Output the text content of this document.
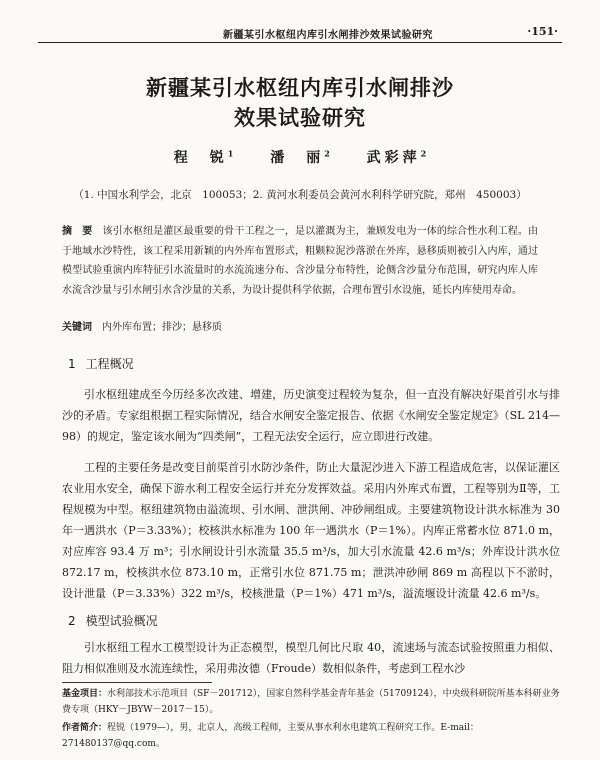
新疆某引水枢纽内库引水闸排沙效果试验研究	·151·
新疆某引水枢纽内库引水闸排沙
效果试验研究
程　锐$^1$	潘　丽$^2$	武彩萍$^2$
（1. 中国水利学会，北京　100053；2. 黄河水利委员会黄河水利科学研究院，郑州　450003）
摘　要　 该引水枢纽是灌区最重要的骨干工程之一，是以灌溉为主，兼顾发电为一体的综合性水利工程。由于地域水沙特性，该工程采用新颖的内外库布置形式，粗颗粒泥沙落淤在外库，悬移质则被引入内库，通过模型试验重演内库特征引水流量时的水流流速分布、含沙量分布特性，论侧含沙量分布范围，研究内库人库水流含沙量与引水闸引水含沙量的关系，为设计提供科学依据，合理布置引水设施，延长内库使用寿命。
关键词　 内外库布置；排沙；悬移质
1 工程概况

引水枢纽建成至今历经多次改建、增建，历史演变过程较为复杂，但一直没有解决好渠首引水与排沙的矛盾。专家组根据工程实际情况，结合水闸安全鉴定报告、依据《水闸安全鉴定规定》（SL 214—98）的规定，鉴定该水闸为“四类闸”，工程无法安全运行，应立即进行改建。

工程的主要任务是改变目前渠首引水防沙条件，防止大量泥沙进入下游工程造成危害，以保证灌区农业用水安全，确保下游水利工程安全运行并充分发挥效益。采用内外库式布置，工程等别为Ⅱ等，工程规模为中型。枢纽建筑物由溢流坝、引水闸、泄洪闸、冲砂闸组成。主要建筑物设计洪水标准为 30 年一遇洪水（P＝3.33%）；校核洪水标准为 100 年一遇洪水（P＝1%）。内库正常蓄水位 871.0 m，对应库容 93.4 万 m³；引水闸设计引水流量 35.5 m³/s，加大引水流量 42.6 m³/s；外库设计洪水位 872.17 m，校核洪水位 873.10 m，正常引水位 871.75 m；泄洪冲砂闸 869 m 高程以下不淤时，设计泄量（P＝3.33%）322 m³/s，校核泄量（P＝1%）471 m³/s，溢流堰设计流量 42.6 m³/s。

2 模型试验概况

引水枢纽工程水工模型设计为正态模型，模型几何比尺取 40，流速场与流态试验按照重力相似、阻力相似准则及水流连续性，采用弗汝德（Froude）数相似条件，考虑到工程水沙

基金项目：水利部技术示范项目（SF－201712），国家自然科学基金青年基金（51709124），中央级科研院所基本科研业务费专项（HKY－JBYW－2017－15）。

作者简介：程锐（1979—），男，北京人，高级工程师，主要从事水利水电建筑工程研究工作。E-mail：271480137@qq.com。
